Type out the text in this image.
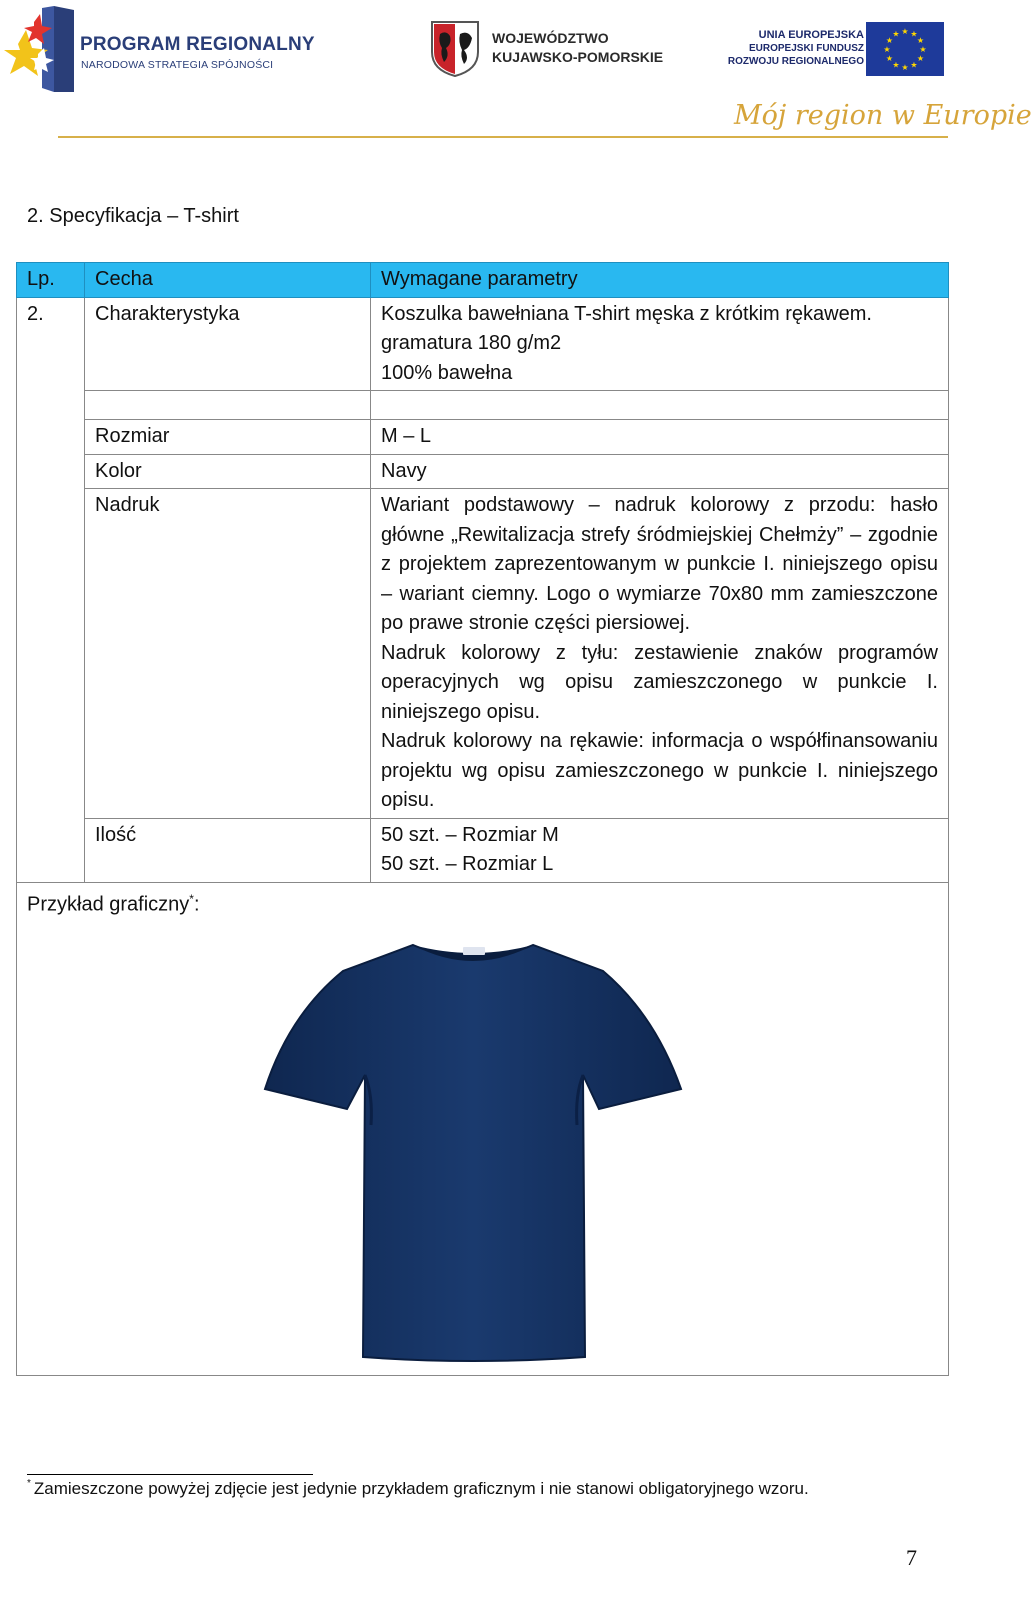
PROGRAM REGIONALNY
NARODOWA STRATEGIA SPÓJNOŚCI
WOJEWÓDZTWO
KUJAWSKO-POMORSKIE
UNIA EUROPEJSKA
EUROPEJSKI FUNDUSZ
ROZWOJU REGIONALNEGO
★ ★
★
★
★
★
★
★
★
★
★
★
Mój region w Europie
2. Specyfikacja – T-shirt
Lp.	Cecha	Wymagane parametry
2.	Charakterystyka	Koszulka bawełniana T-shirt męska z krótkim rękawem.
gramatura 180 g/m2
100% bawełna

	Rozmiar	M – L
	Kolor	Navy
	Nadruk	Wariant podstawowy – nadruk kolorowy z przodu: hasło główne „Rewitalizacja strefy śródmiejskiej Chełmży” – zgodnie z projektem zaprezentowanym w punkcie I. niniejszego opisu – wariant ciemny. Logo o wymiarze 70x80 mm zamieszczone po prawe stronie części piersiowej.
Nadruk kolorowy z tyłu: zestawienie znaków programów operacyjnych wg opisu zamieszczonego w punkcie I. niniejszego opisu.
Nadruk kolorowy na rękawie: informacja o współfinansowaniu projektu wg opisu zamieszczonego w punkcie I. niniejszego opisu.

	Ilość	50 szt. – Rozmiar M
50 szt. – Rozmiar L

Przykład graficzny*:		
* Zamieszczone powyżej zdjęcie jest jedynie przykładem graficznym i nie stanowi obligatoryjnego wzoru.
7
